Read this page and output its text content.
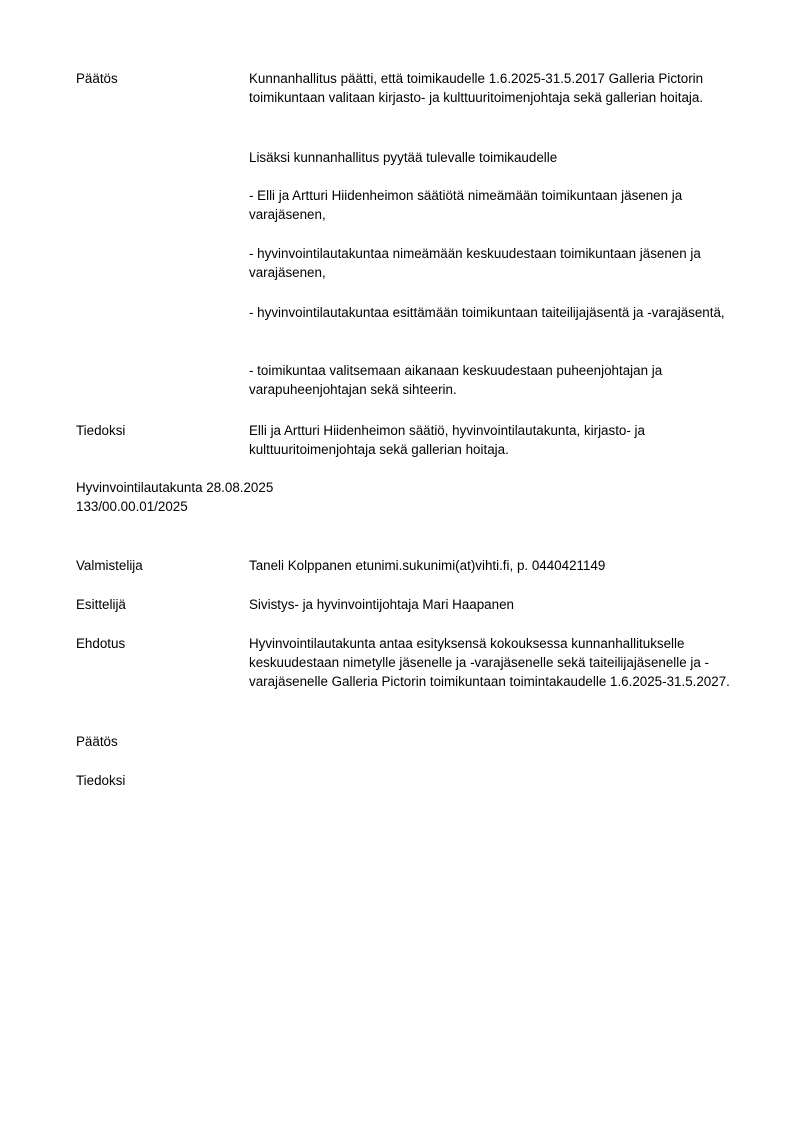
Päätös	Kunnanhallitus päätti, että toimikaudelle 1.6.2025-31.5.2017 Galleria Pictorin toimikuntaan valitaan kirjasto- ja kulttuuritoimenjohtaja sekä gallerian hoitaja.

Lisäksi kunnanhallitus pyytää tulevalle toimikaudelle

- Elli ja Artturi Hiidenheimon säätiötä nimeämään toimikuntaan jäsenen ja varajäsenen,

- hyvinvointilautakuntaa nimeämään keskuudestaan toimikuntaan jäsenen ja varajäsenen,

- hyvinvointilautakuntaa esittämään toimikuntaan taiteilijajäsentä ja -varajäsentä,

- toimikuntaa valitsemaan aikanaan keskuudestaan puheenjohtajan ja varapuheenjohtajan sekä sihteerin.

Tiedoksi	Elli ja Artturi Hiidenheimon säätiö, hyvinvointilautakunta, kirjasto- ja kulttuuritoimenjohtaja sekä gallerian hoitaja.
Hyvinvointilautakunta 28.08.2025
133/00.00.01/2025
Valmistelija	Taneli Kolppanen etunimi.sukunimi(at)vihti.fi, p. 0440421149
Esittelijä	Sivistys- ja hyvinvointijohtaja Mari Haapanen
Ehdotus	Hyvinvointilautakunta antaa esityksensä kokouksessa kunnanhallitukselle keskuudestaan nimetylle jäsenelle ja -varajäsenelle sekä taiteilijajäsenelle ja -varajäsenelle Galleria Pictorin toimikuntaan toimintakaudelle 1.6.2025-31.5.2027.
Päätös
Tiedoksi
